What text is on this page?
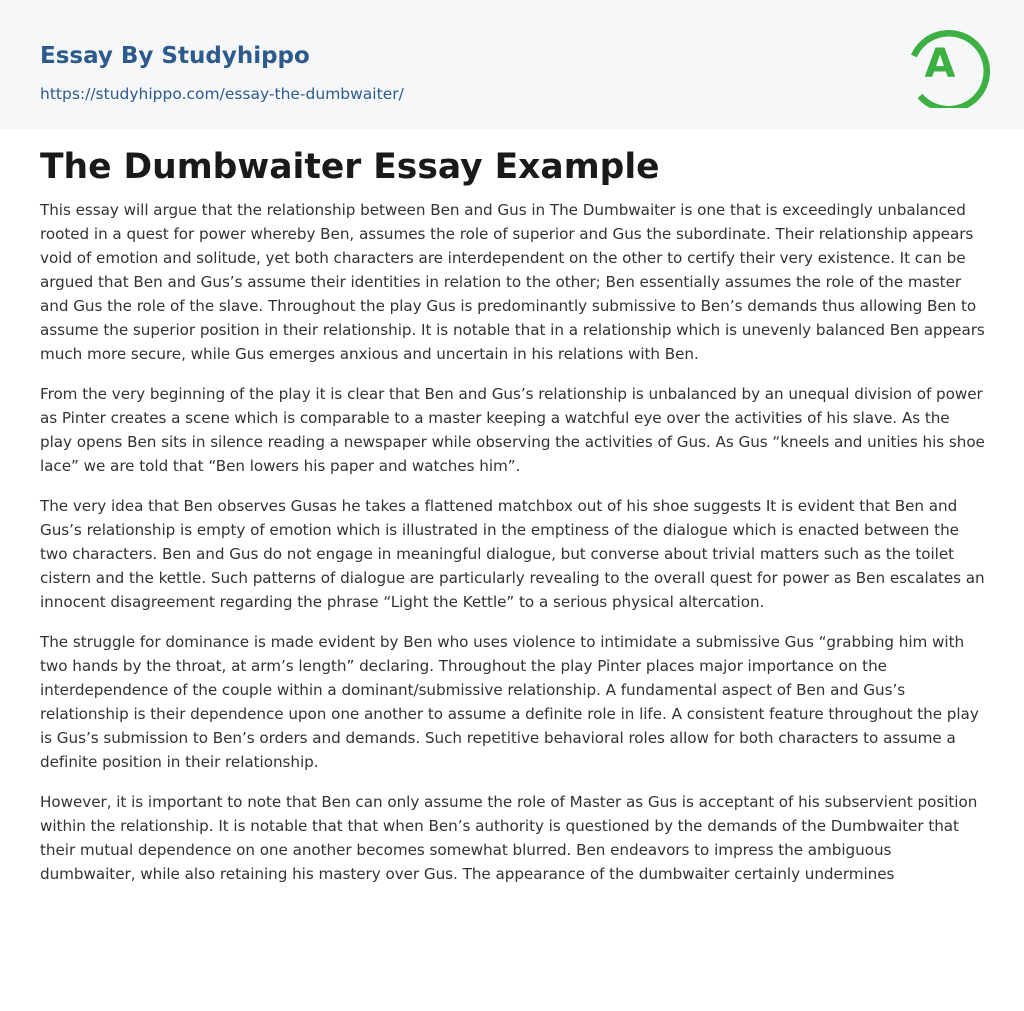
Essay By Studyhippo
https://studyhippo.com/essay-the-dumbwaiter/
A
The Dumbwaiter Essay Example

This essay will argue that the relationship between Ben and Gus in The Dumbwaiter is one that is exceedingly unbalanced rooted in a quest for power whereby Ben, assumes the role of superior and Gus the subordinate. Their relationship appears void of emotion and solitude, yet both characters are interdependent on the other to certify their very existence. It can be argued that Ben and Gus’s assume their identities in relation to the other; Ben essentially assumes the role of the master and Gus the role of the slave. Throughout the play Gus is predominantly submissive to Ben’s demands thus allowing Ben to assume the superior position in their relationship. It is notable that in a relationship which is unevenly balanced Ben appears much more secure, while Gus emerges anxious and uncertain in his relations with Ben.

From the very beginning of the play it is clear that Ben and Gus’s relationship is unbalanced by an unequal division of power as Pinter creates a scene which is comparable to a master keeping a watchful eye over the activities of his slave. As the play opens Ben sits in silence reading a newspaper while observing the activities of Gus. As Gus “kneels and unities his shoe lace” we are told that “Ben lowers his paper and watches him”.

The very idea that Ben observes Gusas he takes a flattened matchbox out of his shoe suggests It is evident that Ben and Gus’s relationship is empty of emotion which is illustrated in the emptiness of the dialogue which is enacted between the two characters. Ben and Gus do not engage in meaningful dialogue, but converse about trivial matters such as the toilet cistern and the kettle. Such patterns of dialogue are particularly revealing to the overall quest for power as Ben escalates an innocent disagreement regarding the phrase “Light the Kettle” to a serious physical altercation.

The struggle for dominance is made evident by Ben who uses violence to intimidate a submissive Gus “grabbing him with two hands by the throat, at arm’s length” declaring. Throughout the play Pinter places major importance on the interdependence of the couple within a dominant/submissive relationship. A fundamental aspect of Ben and Gus’s relationship is their dependence upon one another to assume a definite role in life. A consistent feature throughout the play is Gus’s submission to Ben’s orders and demands. Such repetitive behavioral roles allow for both characters to assume a definite position in their relationship.

However, it is important to note that Ben can only assume the role of Master as Gus is acceptant of his subservient position within the relationship. It is notable that that when Ben’s authority is questioned by the demands of the Dumbwaiter that their mutual dependence on one another becomes somewhat blurred. Ben endeavors to impress the ambiguous dumbwaiter, while also retaining his mastery over Gus. The appearance of the dumbwaiter certainly undermines
